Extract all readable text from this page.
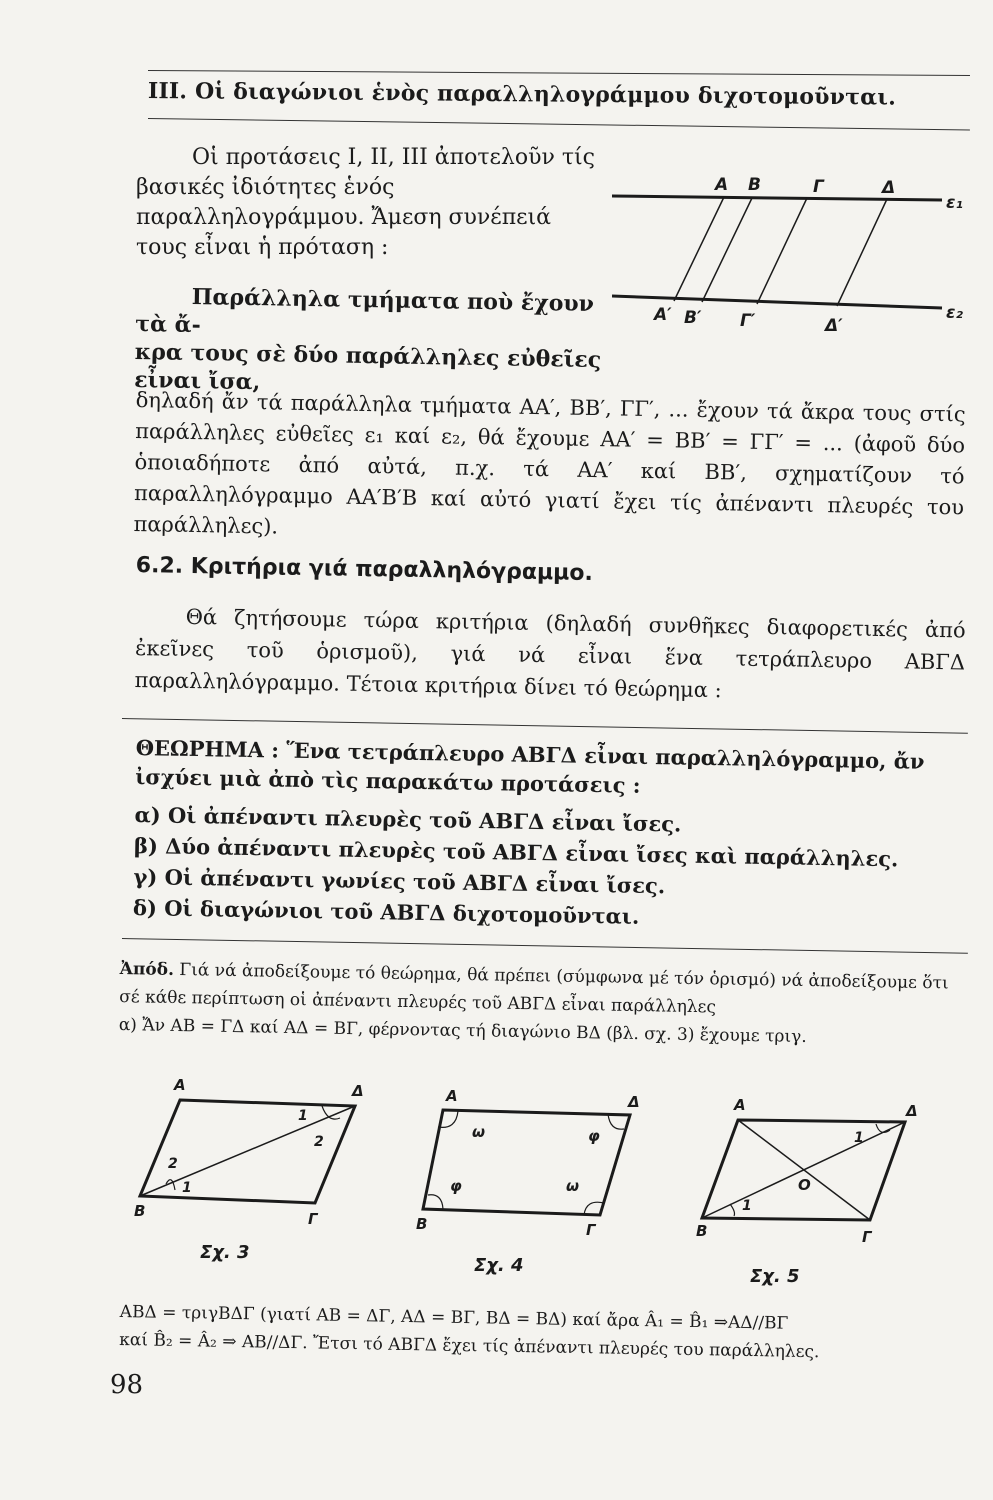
III. Οἱ διαγώνιοι ἑνὸς παραλληλογράμμου διχοτομοῦνται.

Οἱ προτάσεις Ι, ΙΙ, ΙΙΙ ἀποτελοῦν τίς βασικές ἰδιότητες ἑνός παραλληλογράμμου. Ἄμεση συνέπειά τους εἶναι ἡ πρόταση :

Παράλληλα τμήματα ποὺ ἔχουν τὰ ἄ-
κρα τους σὲ δύο παράλληλες εὐθεῖες
εἶναι ἴσα,
Α Β	Γ	Δ
ε₁
Α′ Β′ Γ′	Δ′
ε₂
δηλαδή ἄν τά παράλληλα τμήματα ΑΑ′, ΒΒ′, ΓΓ′, ... ἔχουν τά ἄκρα τους στίς παράλληλες εὐθεῖες ε₁ καί ε₂, θά ἔχουμε ΑΑ′ = ΒΒ′ = ΓΓ′ = ... (ἀφοῦ δύο ὁποιαδήποτε ἀπό αὐτά, π.χ. τά ΑΑ′ καί ΒΒ′, σχηματίζουν τό παραλληλόγραμμο ΑΑ′Β′Β καί αὐτό γιατί ἔχει τίς ἀπέναντι πλευρές του παράλληλες).
6.2. Κριτήρια γιά παραλληλόγραμμο.

Θά ζητήσουμε τώρα κριτήρια (δηλαδή συνθῆκες διαφορετικές ἀπό ἐκεῖνες τοῦ ὁρισμοῦ), γιά νά εἶναι ἕνα τετράπλευρο ΑΒΓΔ παραλληλόγραμμο. Τέτοια κριτήρια δίνει τό θεώρημα :

ΘΕΩΡΗΜΑ : Ἕνα τετράπλευρο ΑΒΓΔ εἶναι παραλληλόγραμμο, ἄν ἰσχύει μιὰ ἀπὸ τὶς παρακάτω προτάσεις :
α) Οἱ ἀπέναντι πλευρὲς τοῦ ΑΒΓΔ εἶναι ἴσες.
β) Δύο ἀπέναντι πλευρὲς τοῦ ΑΒΓΔ εἶναι ἴσες καὶ παράλληλες.
γ) Οἱ ἀπέναντι γωνίες τοῦ ΑΒΓΔ εἶναι ἴσες.
δ) Οἱ διαγώνιοι τοῦ ΑΒΓΔ διχοτομοῦνται.
Ἀπόδ. Γιά νά ἀποδείξουμε τό θεώρημα, θά πρέπει (σύμφωνα μέ τόν ὁρισμό) νά ἀποδείξουμε ὅτι σέ κάθε περίπτωση οἱ ἀπέναντι πλευρές τοῦ ΑΒΓΔ εἶναι παράλληλες
α) Ἄν ΑΒ = ΓΔ καί ΑΔ = ΒΓ, φέρνοντας τή διαγώνιο ΒΔ (βλ. σχ. 3) ἔχουμε τριγ.
Α	Δ
Β	Γ
1
2
2
1
Σχ. 3
Α	Δ
Β	Γ
ω	φ
φ	ω
Σχ. 4
Α	Δ
Β	Γ
Ο
1
1
Σχ. 5
ΑΒΔ = τριγΒΔΓ (γιατί ΑΒ = ΔΓ, ΑΔ = ΒΓ, ΒΔ = ΒΔ) καί ἄρα Â₁ = B̂₁ ⇒ΑΔ//ΒΓ
καί B̂₂ = Â₂ ⇒ ΑΒ//ΔΓ. Ἔτσι τό ΑΒΓΔ ἔχει τίς ἀπέναντι πλευρές του παράλληλες.
98
